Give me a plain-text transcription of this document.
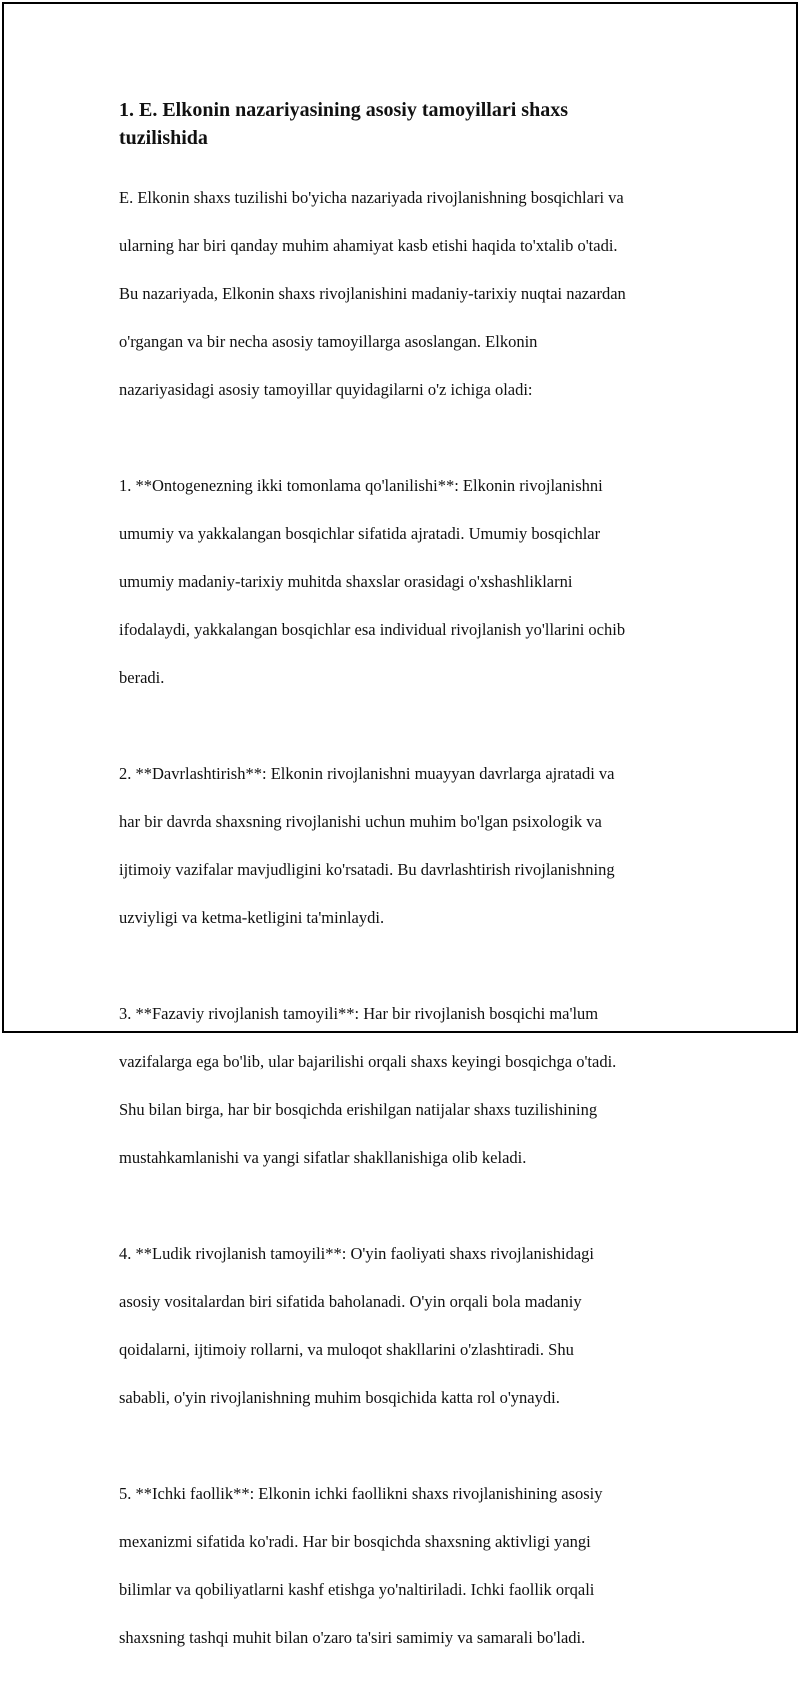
1. E. Elkonin nazariyasining asosiy tamoyillari shaxs
tuzilishida

E. Elkonin shaxs tuzilishi bo'yicha nazariyada rivojlanishning bosqichlari va

ularning har biri qanday muhim ahamiyat kasb etishi haqida to'xtalib o'tadi.

Bu nazariyada, Elkonin shaxs rivojlanishini madaniy-tarixiy nuqtai nazardan

o'rgangan va bir necha asosiy tamoyillarga asoslangan. Elkonin

nazariyasidagi asosiy tamoyillar quyidagilarni o'z ichiga oladi:

1. **Ontogenezning ikki tomonlama qo'lanilishi**: Elkonin rivojlanishni

umumiy va yakkalangan bosqichlar sifatida ajratadi. Umumiy bosqichlar

umumiy madaniy-tarixiy muhitda shaxslar orasidagi o'xshashliklarni

ifodalaydi, yakkalangan bosqichlar esa individual rivojlanish yo'llarini ochib

beradi.

2. **Davrlashtirish**: Elkonin rivojlanishni muayyan davrlarga ajratadi va

har bir davrda shaxsning rivojlanishi uchun muhim bo'lgan psixologik va

ijtimoiy vazifalar mavjudligini ko'rsatadi. Bu davrlashtirish rivojlanishning

uzviyligi va ketma-ketligini ta'minlaydi.

3. **Fazaviy rivojlanish tamoyili**: Har bir rivojlanish bosqichi ma'lum

vazifalarga ega bo'lib, ular bajarilishi orqali shaxs keyingi bosqichga o'tadi.

Shu bilan birga, har bir bosqichda erishilgan natijalar shaxs tuzilishining

mustahkamlanishi va yangi sifatlar shakllanishiga olib keladi.

4. **Ludik rivojlanish tamoyili**: O'yin faoliyati shaxs rivojlanishidagi

asosiy vositalardan biri sifatida baholanadi. O'yin orqali bola madaniy

qoidalarni, ijtimoiy rollarni, va muloqot shakllarini o'zlashtiradi. Shu

sababli, o'yin rivojlanishning muhim bosqichida katta rol o'ynaydi.

5. **Ichki faollik**: Elkonin ichki faollikni shaxs rivojlanishining asosiy

mexanizmi sifatida ko'radi. Har bir bosqichda shaxsning aktivligi yangi

bilimlar va qobiliyatlarni kashf etishga yo'naltiriladi. Ichki faollik orqali

shaxsning tashqi muhit bilan o'zaro ta'siri samimiy va samarali bo'ladi.
